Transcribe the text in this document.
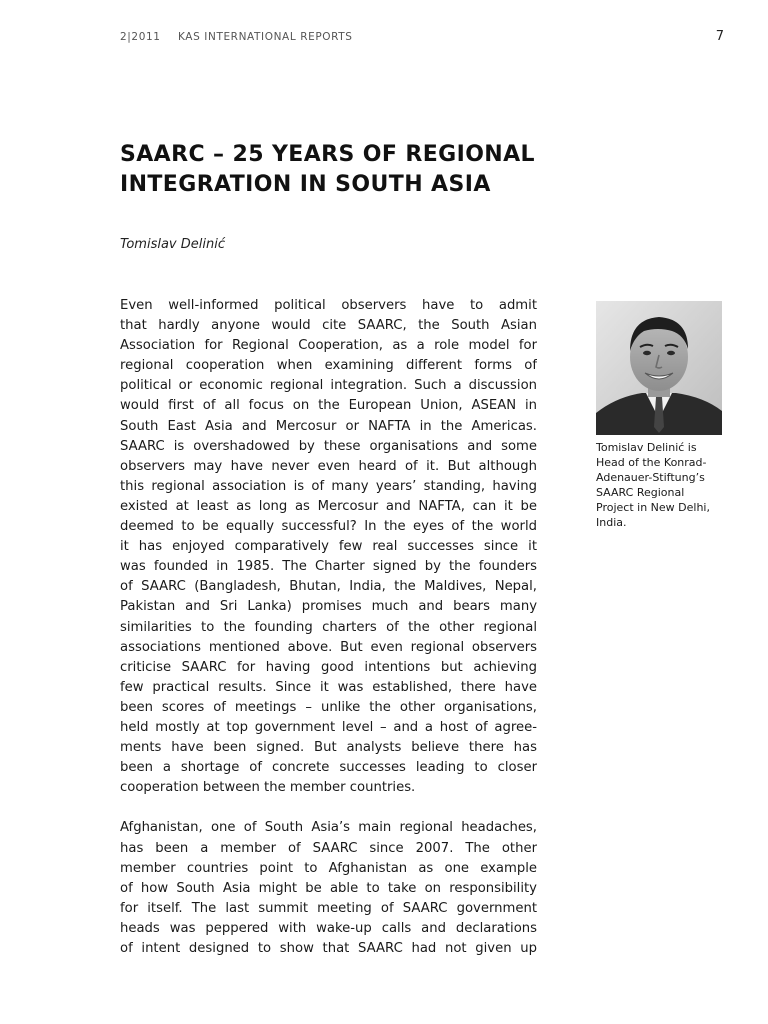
2|2011 KAS INTERNATIONAL REPORTS	7
SAARC – 25 YEARS OF REGIONAL
INTEGRATION IN SOUTH ASIA
Tomislav Delinić

Even well-informed political observers have to admit
that hardly anyone would cite SAARC, the South Asian
Association for Regional Cooperation, as a role model for
regional cooperation when examining different forms of
political or economic regional integration. Such a discussion
would first of all focus on the European Union, ASEAN in
South East Asia and Mercosur or NAFTA in the Americas.
SAARC is overshadowed by these organisations and some
observers may have never even heard of it. But although
this regional association is of many years’ standing, having
existed at least as long as Mercosur and NAFTA, can it be
deemed to be equally successful? In the eyes of the world
it has enjoyed comparatively few real successes since it
was founded in 1985. The Charter signed by the founders
of SAARC (Bangladesh, Bhutan, India, the Maldives, Nepal,
Pakistan and Sri Lanka) promises much and bears many
similarities to the founding charters of the other regional
associations mentioned above. But even regional observers
criticise SAARC for having good intentions but achieving
few practical results. Since it was established, there have
been scores of meetings – unlike the other organisations,
held mostly at top government level – and a host of agree-
ments have been signed. But analysts believe there has
been a shortage of concrete successes leading to closer
cooperation between the member countries.

Afghanistan, one of South Asia’s main regional headaches,
has been a member of SAARC since 2007. The other
member countries point to Afghanistan as one example
of how South Asia might be able to take on responsibility
for itself. The last summit meeting of SAARC government
heads was peppered with wake-up calls and declarations
of intent designed to show that SAARC had not given up

Tomislav Delinić is
Head of the Konrad-
Adenauer-Stiftung’s
SAARC Regional
Project in New Delhi,
India.
